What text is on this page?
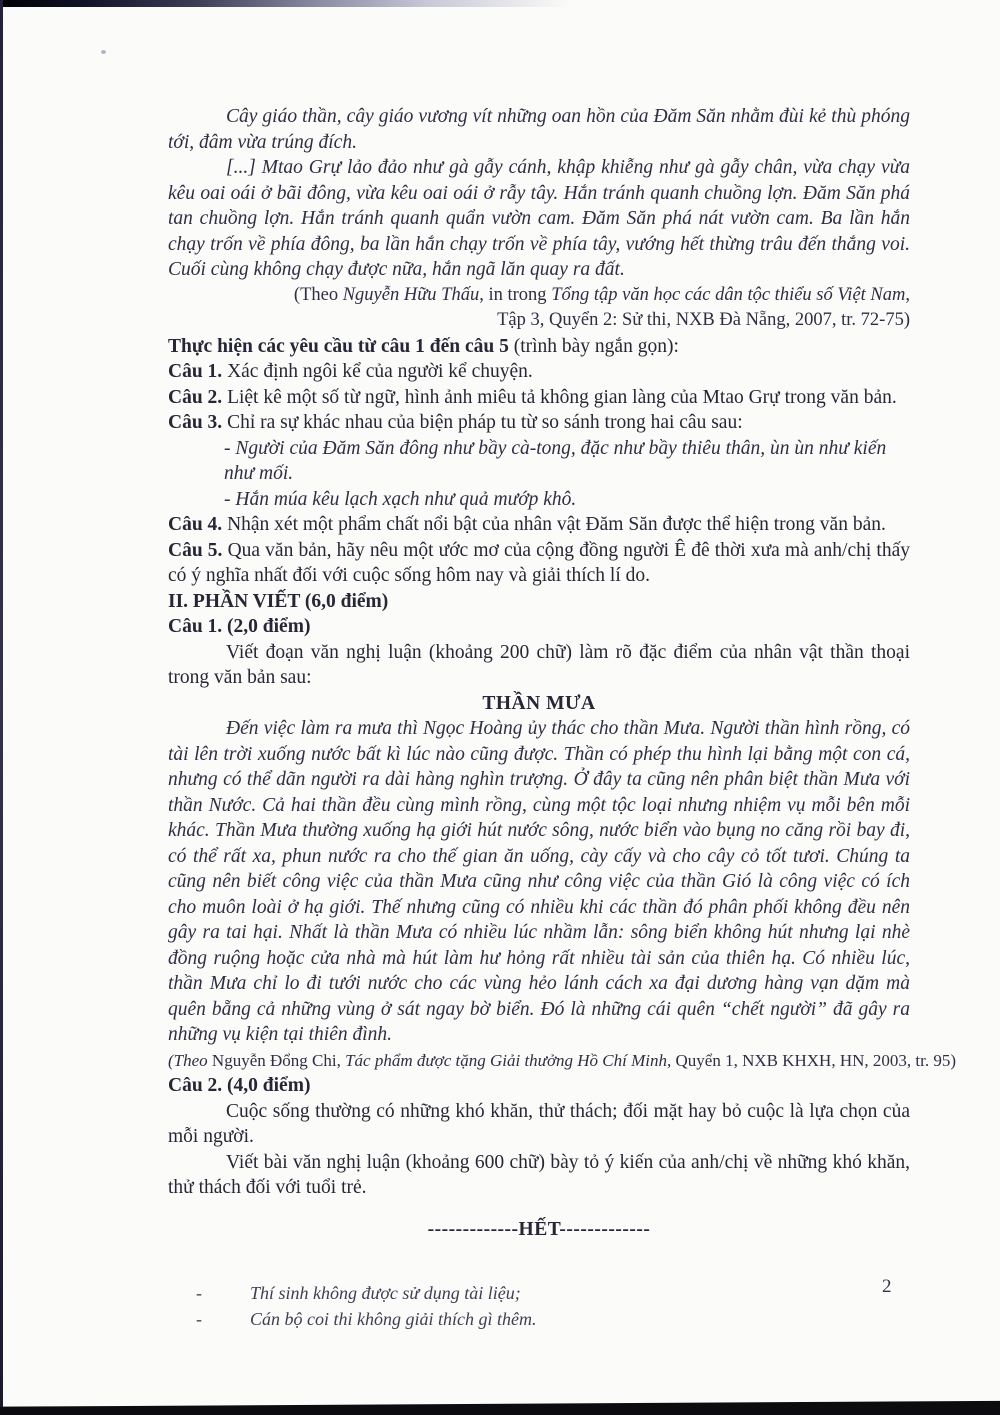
Cây giáo thần, cây giáo vương vít những oan hồn của Đăm Săn nhằm đùi kẻ thù phóng tới, đâm vừa trúng đích.

[...] Mtao Grự lảo đảo như gà gẫy cánh, khập khiễng như gà gẫy chân, vừa chạy vừa kêu oai oái ở bãi đông, vừa kêu oai oái ở rẫy tây. Hắn tránh quanh chuồng lợn. Đăm Săn phá tan chuồng lợn. Hắn tránh quanh quẩn vườn cam. Đăm Săn phá nát vườn cam. Ba lần hắn chạy trốn về phía đông, ba lần hắn chạy trốn về phía tây, vướng hết thừng trâu đến thắng voi. Cuối cùng không chạy được nữa, hắn ngã lăn quay ra đất.

(Theo Nguyễn Hữu Thấu, in trong Tổng tập văn học các dân tộc thiểu số Việt Nam,

Tập 3, Quyển 2: Sử thi, NXB Đà Nẵng, 2007, tr. 72-75)

Thực hiện các yêu cầu từ câu 1 đến câu 5 (trình bày ngắn gọn):

Câu 1. Xác định ngôi kể của người kể chuyện.

Câu 2. Liệt kê một số từ ngữ, hình ảnh miêu tả không gian làng của Mtao Grự trong văn bản.

Câu 3. Chỉ ra sự khác nhau của biện pháp tu từ so sánh trong hai câu sau:

- Người của Đăm Săn đông như bầy cà-tong, đặc như bầy thiêu thân, ùn ùn như kiến như mối.

- Hắn múa kêu lạch xạch như quả mướp khô.

Câu 4. Nhận xét một phẩm chất nổi bật của nhân vật Đăm Săn được thể hiện trong văn bản.

Câu 5. Qua văn bản, hãy nêu một ước mơ của cộng đồng người Ê đê thời xưa mà anh/chị thấy có ý nghĩa nhất đối với cuộc sống hôm nay và giải thích lí do.

II. PHẦN VIẾT (6,0 điểm)

Câu 1. (2,0 điểm)

Viết đoạn văn nghị luận (khoảng 200 chữ) làm rõ đặc điểm của nhân vật thần thoại trong văn bản sau:

THẦN MƯA

Đến việc làm ra mưa thì Ngọc Hoàng ủy thác cho thần Mưa. Người thần hình rồng, có tài lên trời xuống nước bất kì lúc nào cũng được. Thần có phép thu hình lại bằng một con cá, nhưng có thể dãn người ra dài hàng nghìn trượng. Ở đây ta cũng nên phân biệt thần Mưa với thần Nước. Cả hai thần đều cùng mình rồng, cùng một tộc loại nhưng nhiệm vụ mỗi bên mỗi khác. Thần Mưa thường xuống hạ giới hút nước sông, nước biển vào bụng no căng rồi bay đi, có thể rất xa, phun nước ra cho thế gian ăn uống, cày cấy và cho cây cỏ tốt tươi. Chúng ta cũng nên biết công việc của thần Mưa cũng như công việc của thần Gió là công việc có ích cho muôn loài ở hạ giới. Thế nhưng cũng có nhiều khi các thần đó phân phối không đều nên gây ra tai hại. Nhất là thần Mưa có nhiều lúc nhầm lẫn: sông biển không hút nhưng lại nhè đồng ruộng hoặc cửa nhà mà hút làm hư hỏng rất nhiều tài sản của thiên hạ. Có nhiều lúc, thần Mưa chỉ lo đi tưới nước cho các vùng hẻo lánh cách xa đại dương hàng vạn dặm mà quên bẵng cả những vùng ở sát ngay bờ biển. Đó là những cái quên “chết người” đã gây ra những vụ kiện tại thiên đình.

(Theo Nguyễn Đổng Chi, Tác phẩm được tặng Giải thưởng Hồ Chí Minh, Quyển 1, NXB KHXH, HN, 2003, tr. 95)

Câu 2. (4,0 điểm)

Cuộc sống thường có những khó khăn, thử thách; đối mặt hay bỏ cuộc là lựa chọn của mỗi người.

Viết bài văn nghị luận (khoảng 600 chữ) bày tỏ ý kiến của anh/chị về những khó khăn, thử thách đối với tuổi trẻ.

-------------HẾT-------------

-	Thí sinh không được sử dụng tài liệu;
-	Cán bộ coi thi không giải thích gì thêm.
2
